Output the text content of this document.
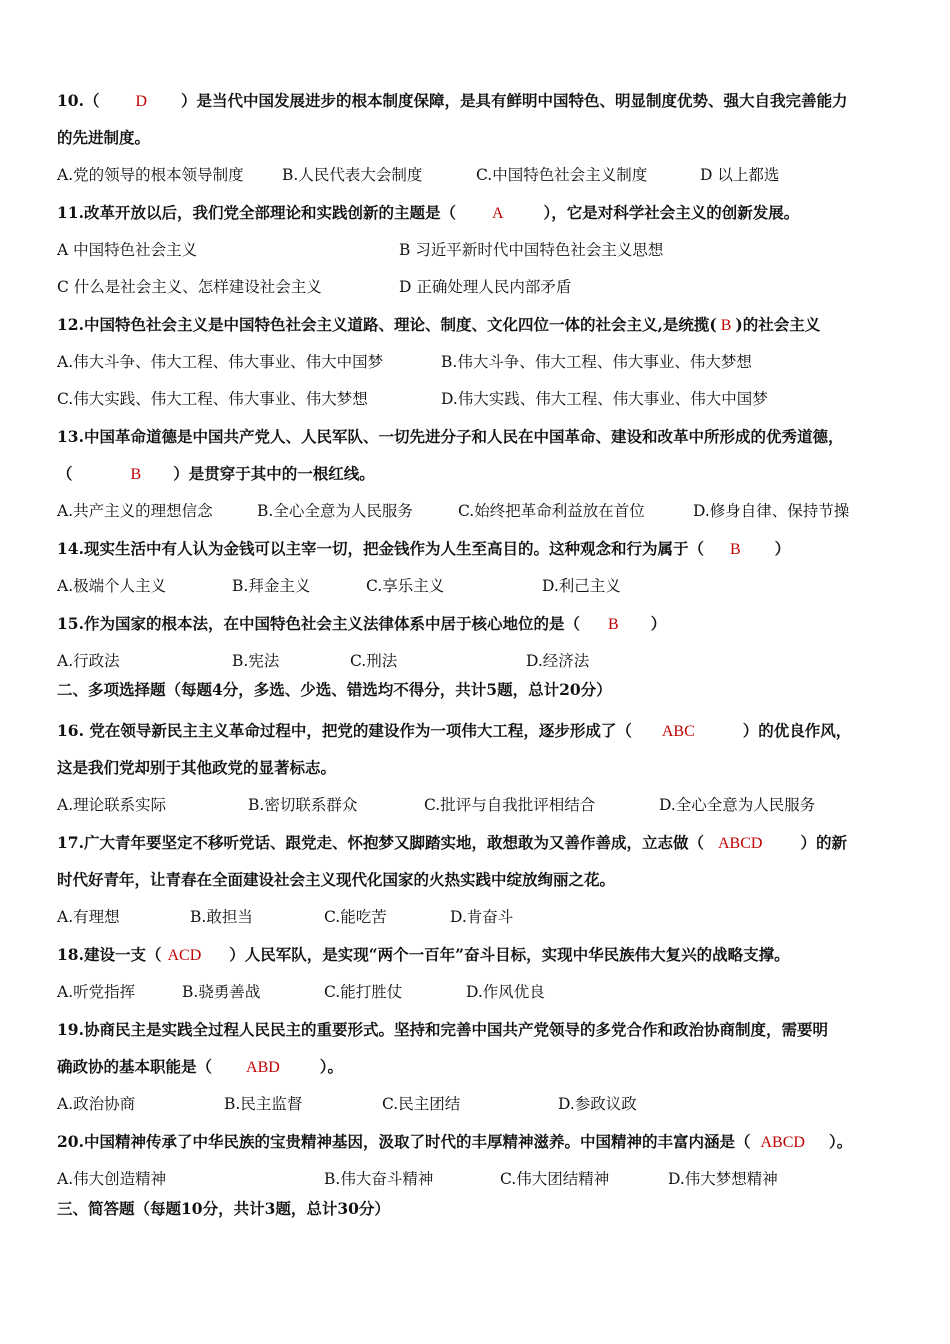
10.（ D ）是当代中国发展进步的根本制度保障，是具有鲜明中国特色、明显制度优势、强大自我完善能力
的先进制度。
A.党的领导的根本领导制度 B.人民代表大会制度	C.中国特色社会主义制度	D 以上都选
11.改革开放以后，我们党全部理论和实践创新的主题是（ A	），它是对科学社会主义的创新发展。
A 中国特色社会主义	B 习近平新时代中国特色社会主义思想
C 什么是社会主义、怎样建设社会主义	D 正确处理人民内部矛盾
12.中国特色社会主义是中国特色社会主义道路、理论、制度、文化四位一体的社会主义,是统揽( B )的社会主义
A.伟大斗争、伟大工程、伟大事业、伟大中国梦	B.伟大斗争、伟大工程、伟大事业、伟大梦想
C.伟大实践、伟大工程、伟大事业、伟大梦想	D.伟大实践、伟大工程、伟大事业、伟大中国梦
13.中国革命道德是中国共产党人、人民军队、一切先进分子和人民在中国革命、建设和改革中所形成的优秀道德，
（	B ）是贯穿于其中的一根红线。
A.共产主义的理想信念	B.全心全意为人民服务	C.始终把革命利益放在首位	D.修身自律、保持节操
14.现实生活中有人认为金钱可以主宰一切，把金钱作为人生至高目的。这种观念和行为属于（ B ）
A.极端个人主义	B.拜金主义	C.享乐主义	D.利己主义
15.作为国家的根本法，在中国特色社会主义法律体系中居于核心地位的是（ B ）
A.行政法	B.宪法	C.刑法	D.经济法
二、多项选择题（每题4分，多选、少选、错选均不得分，共计5题，总计20分）
16. 党在领导新民主主义革命过程中，把党的建设作为一项伟大工程，逐步形成了（ ABC	）的优良作风，
这是我们党却别于其他政党的显著标志。
A.理论联系实际	B.密切联系群众	C.批评与自我批评相结合	D.全心全意为人民服务
17.广大青年要坚定不移听党话、跟党走、怀抱梦又脚踏实地，敢想敢为又善作善成，立志做（ ABCD ）的新
时代好青年，让青春在全面建设社会主义现代化国家的火热实践中绽放绚丽之花。
A.有理想	B.敢担当	C.能吃苦	D.肯奋斗
18.建设一支（ ACD ）人民军队，是实现“两个一百年”奋斗目标，实现中华民族伟大复兴的战略支撑。
A.听党指挥	B.骁勇善战	C.能打胜仗	D.作风优良
19.协商民主是实践全过程人民民主的重要形式。坚持和完善中国共产党领导的多党合作和政治协商制度，需要明
确政协的基本职能是（ ABD	）。
A.政治协商	B.民主监督	C.民主团结	D.参政议政
20.中国精神传承了中华民族的宝贵精神基因，汲取了时代的丰厚精神滋养。中国精神的丰富内涵是（ ABCD ）。
A.伟大创造精神	B.伟大奋斗精神	C.伟大团结精神	D.伟大梦想精神
三、简答题（每题10分，共计3题，总计30分）
